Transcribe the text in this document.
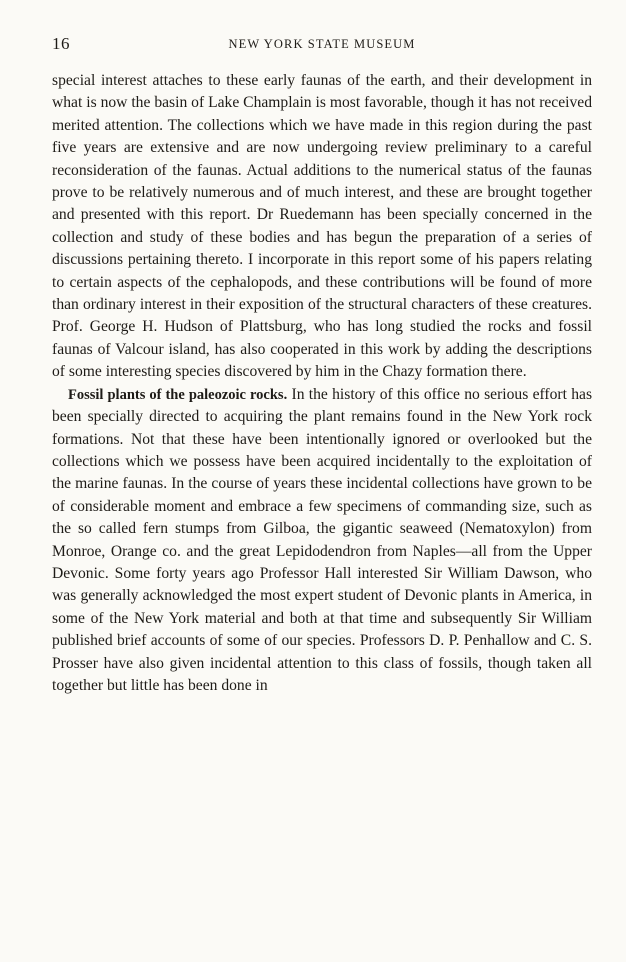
16	NEW YORK STATE MUSEUM

special interest attaches to these early faunas of the earth, and their development in what is now the basin of Lake Champlain is most favorable, though it has not received merited attention. The collections which we have made in this region during the past five years are extensive and are now undergoing review preliminary to a careful reconsideration of the faunas. Actual additions to the numerical status of the faunas prove to be relatively numerous and of much interest, and these are brought together and presented with this report. Dr Ruedemann has been specially concerned in the collection and study of these bodies and has begun the preparation of a series of discussions pertaining thereto. I incorporate in this report some of his papers relating to certain aspects of the cephalopods, and these contributions will be found of more than ordinary interest in their exposition of the structural characters of these creatures. Prof. George H. Hudson of Plattsburg, who has long studied the rocks and fossil faunas of Valcour island, has also cooperated in this work by adding the descriptions of some interesting species discovered by him in the Chazy formation there.

Fossil plants of the paleozoic rocks. In the history of this office no serious effort has been specially directed to acquiring the plant remains found in the New York rock formations. Not that these have been intentionally ignored or overlooked but the collections which we possess have been acquired incidentally to the exploitation of the marine faunas. In the course of years these incidental collections have grown to be of considerable moment and embrace a few specimens of commanding size, such as the so called fern stumps from Gilboa, the gigantic seaweed (Nematoxylon) from Monroe, Orange co. and the great Lepidodendron from Naples—all from the Upper Devonic. Some forty years ago Professor Hall interested Sir William Dawson, who was generally acknowledged the most expert student of Devonic plants in America, in some of the New York material and both at that time and subsequently Sir William published brief accounts of some of our species. Professors D. P. Penhallow and C. S. Prosser have also given incidental attention to this class of fossils, though taken all together but little has been done in
